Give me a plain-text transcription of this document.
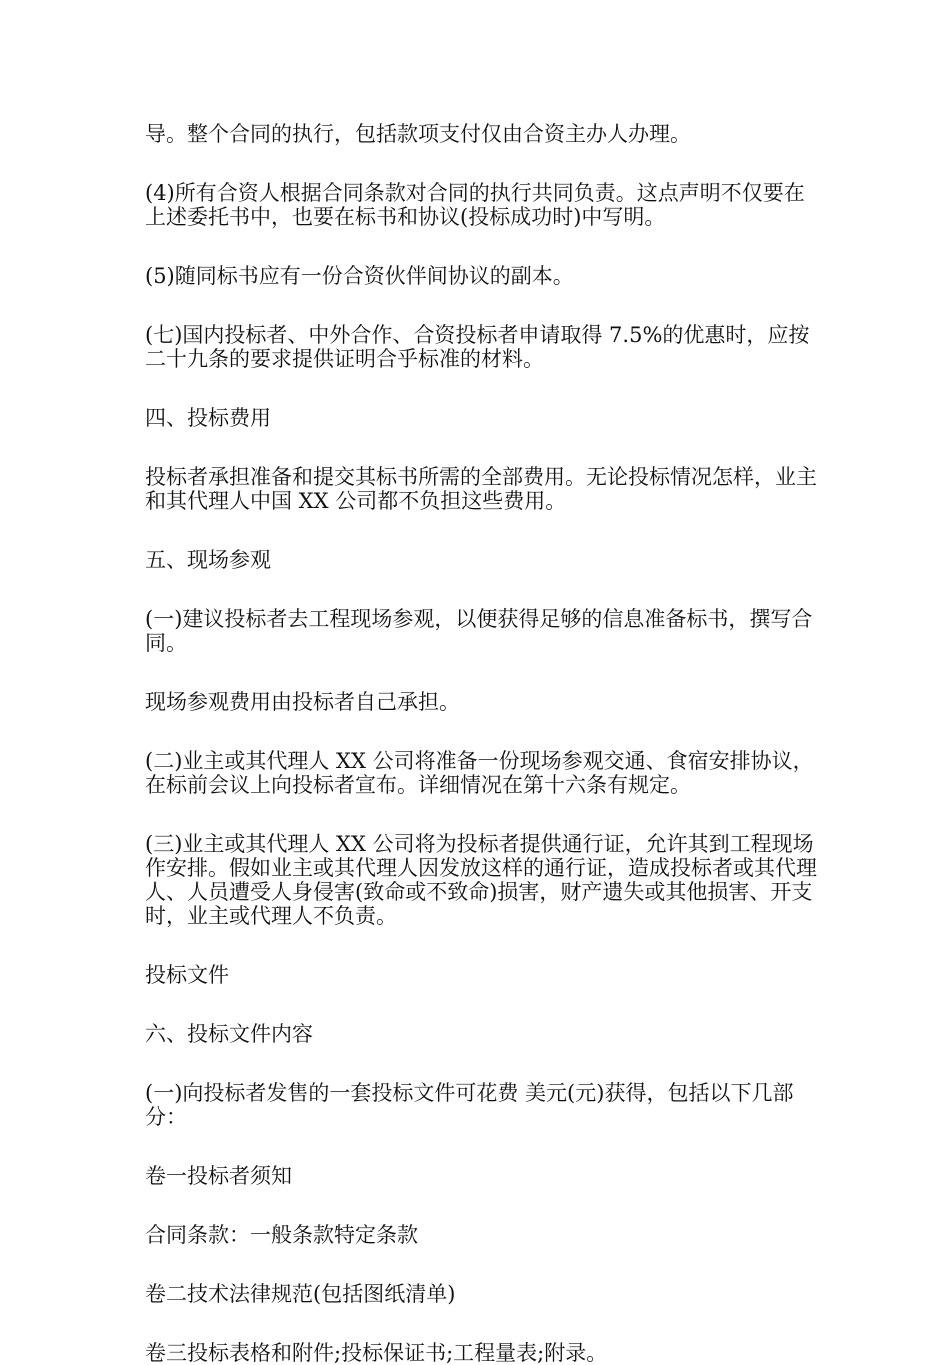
导。整个合同的执行，包括款项支付仅由合资主办人办理。

(4)所有合资人根据合同条款对合同的执行共同负责。这点声明不仅要在上述委托书中，也要在标书和协议(投标成功时)中写明。

(5)随同标书应有一份合资伙伴间协议的副本。

(七)国内投标者、中外合作、合资投标者申请取得 7.5%的优惠时，应按二十九条的要求提供证明合乎标准的材料。

四、投标费用

投标者承担准备和提交其标书所需的全部费用。无论投标情况怎样，业主和其代理人中国 XX 公司都不负担这些费用。

五、现场参观

(一)建议投标者去工程现场参观，以便获得足够的信息准备标书，撰写合同。

现场参观费用由投标者自己承担。

(二)业主或其代理人 XX 公司将准备一份现场参观交通、食宿安排协议，在标前会议上向投标者宣布。详细情况在第十六条有规定。

(三)业主或其代理人 XX 公司将为投标者提供通行证，允许其到工程现场作安排。假如业主或其代理人因发放这样的通行证，造成投标者或其代理人、人员遭受人身侵害(致命或不致命)损害，财产遗失或其他损害、开支时，业主或代理人不负责。

投标文件

六、投标文件内容

(一)向投标者发售的一套投标文件可花费 美元(元)获得，包括以下几部分：

卷一投标者须知

合同条款：一般条款特定条款

卷二技术法律规范(包括图纸清单)

卷三投标表格和附件;投标保证书;工程量表;附录。
